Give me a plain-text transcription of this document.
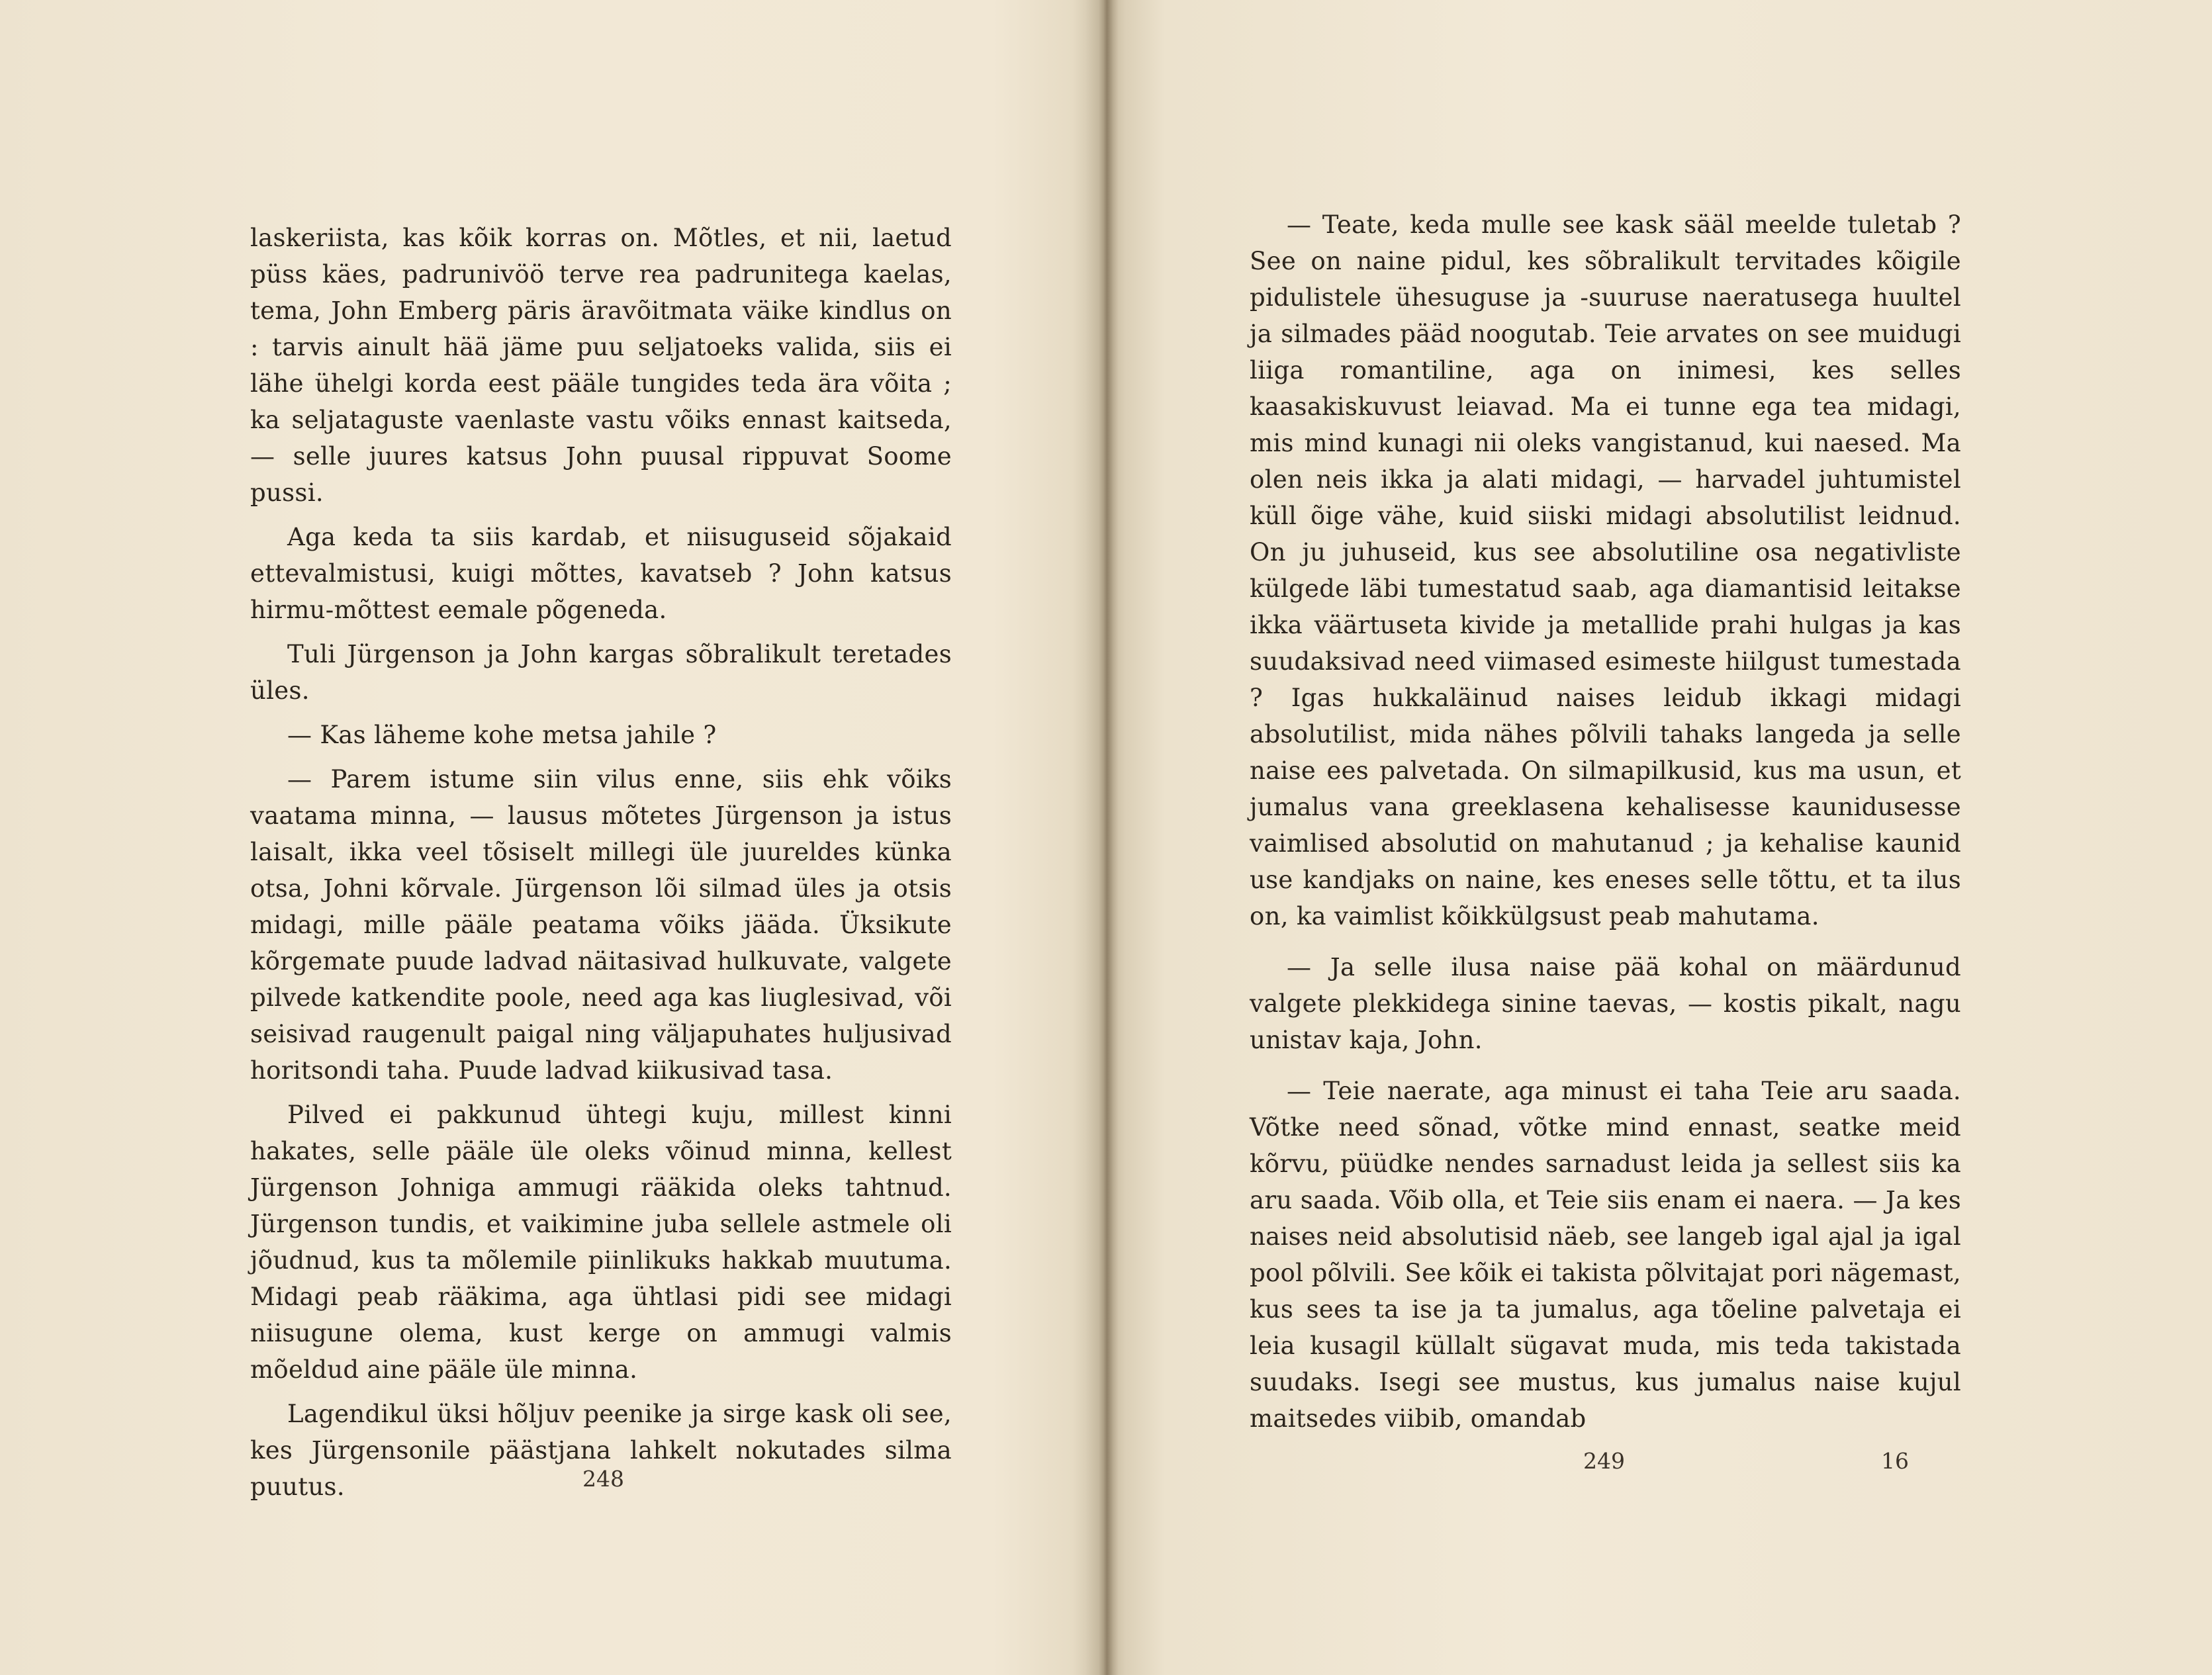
laskeriista, kas kõik korras on. Mõtles, et nii, laetud püss käes, padrunivöö terve rea padrunitega kaelas, tema, John Emberg päris äravõitmata väike kindlus on : tarvis ainult hää jäme puu seljatoeks valida, siis ei lähe ühelgi korda eest pääle tungides teda ära võita ; ka seljataguste vaenlaste vastu võiks ennast kaitseda, — selle juures katsus John puusal rippuvat Soome pussi.

Aga keda ta siis kardab, et niisuguseid sõjakaid ettevalmistusi, kuigi mõttes, kavatseb ? John katsus hirmu-mõttest eemale põgeneda.

Tuli Jürgenson ja John kargas sõbralikult teretades üles.

— Kas läheme kohe metsa jahile ?

— Parem istume siin vilus enne, siis ehk võiks vaatama minna, — lausus mõtetes Jürgenson ja istus laisalt, ikka veel tõsiselt millegi üle juureldes künka otsa, Johni kõrvale. Jürgenson lõi silmad üles ja otsis midagi, mille pääle peatama võiks jääda. Üksikute kõrgemate puude ladvad näitasivad hulkuvate, valgete pilvede katkendite poole, need aga kas liuglesivad, või seisivad raugenult paigal ning väljapuhates huljusivad horitsondi taha. Puude ladvad kiikusivad tasa.

Pilved ei pakkunud ühtegi kuju, millest kinni hakates, selle pääle üle oleks võinud minna, kellest Jürgenson Johniga ammugi rääkida oleks tahtnud. Jürgenson tundis, et vaikimine juba sellele astmele oli jõudnud, kus ta mõlemile piinlikuks hakkab muutuma. Midagi peab rääkima, aga ühtlasi pidi see midagi niisugune olema, kust kerge on ammugi valmis mõeldud aine pääle üle minna.

Lagendikul üksi hõljuv peenike ja sirge kask oli see, kes Jürgensonile päästjana lahkelt nokutades silma puutus.	248

— Teate, keda mulle see kask sääl meelde tuletab ? See on naine pidul, kes sõbralikult tervitades kõigile pidulistele ühesuguse ja -suuruse naeratusega huultel ja silmades pääd noogutab. Teie arvates on see muidugi liiga romantiline, aga on inimesi, kes selles kaasakiskuvust leiavad. Ma ei tunne ega tea midagi, mis mind kunagi nii oleks vangistanud, kui naesed. Ma olen neis ikka ja alati midagi, — harvadel juhtumistel küll õige vähe, kuid siiski midagi absolutilist leidnud. On ju juhuseid, kus see absolutiline osa negativliste külgede läbi tumestatud saab, aga diamantisid leitakse ikka väärtuseta kivide ja metallide prahi hulgas ja kas suudaksivad need viimased esimeste hiilgust tumestada ? Igas hukkaläinud naises leidub ikkagi midagi absolutilist, mida nähes põlvili tahaks langeda ja selle naise ees palvetada. On silmapilkusid, kus ma usun, et jumalus vana greeklasena kehalisesse kaunidusesse vaimlised absolutid on mahutanud ; ja kehalise kaunid use kandjaks on naine, kes eneses selle tõttu, et ta ilus on, ka vaimlist kõikkülgsust peab mahutama.

— Ja selle ilusa naise pää kohal on määrdunud valgete plekkidega sinine taevas, — kostis pikalt, nagu unistav kaja, John.

— Teie naerate, aga minust ei taha Teie aru saada. Võtke need sõnad, võtke mind ennast, seatke meid kõrvu, püüdke nendes sarnadust leida ja sellest siis ka aru saada. Võib olla, et Teie siis enam ei naera. — Ja kes naises neid absolutisid näeb, see langeb igal ajal ja igal pool põlvili. See kõik ei takista põlvitajat pori nägemast, kus sees ta ise ja ta jumalus, aga tõeline palvetaja ei leia kusagil küllalt sügavat muda, mis teda takistada suudaks. Isegi see mustus, kus jumalus naise kujul maitsedes viibib, omandab

249	16
